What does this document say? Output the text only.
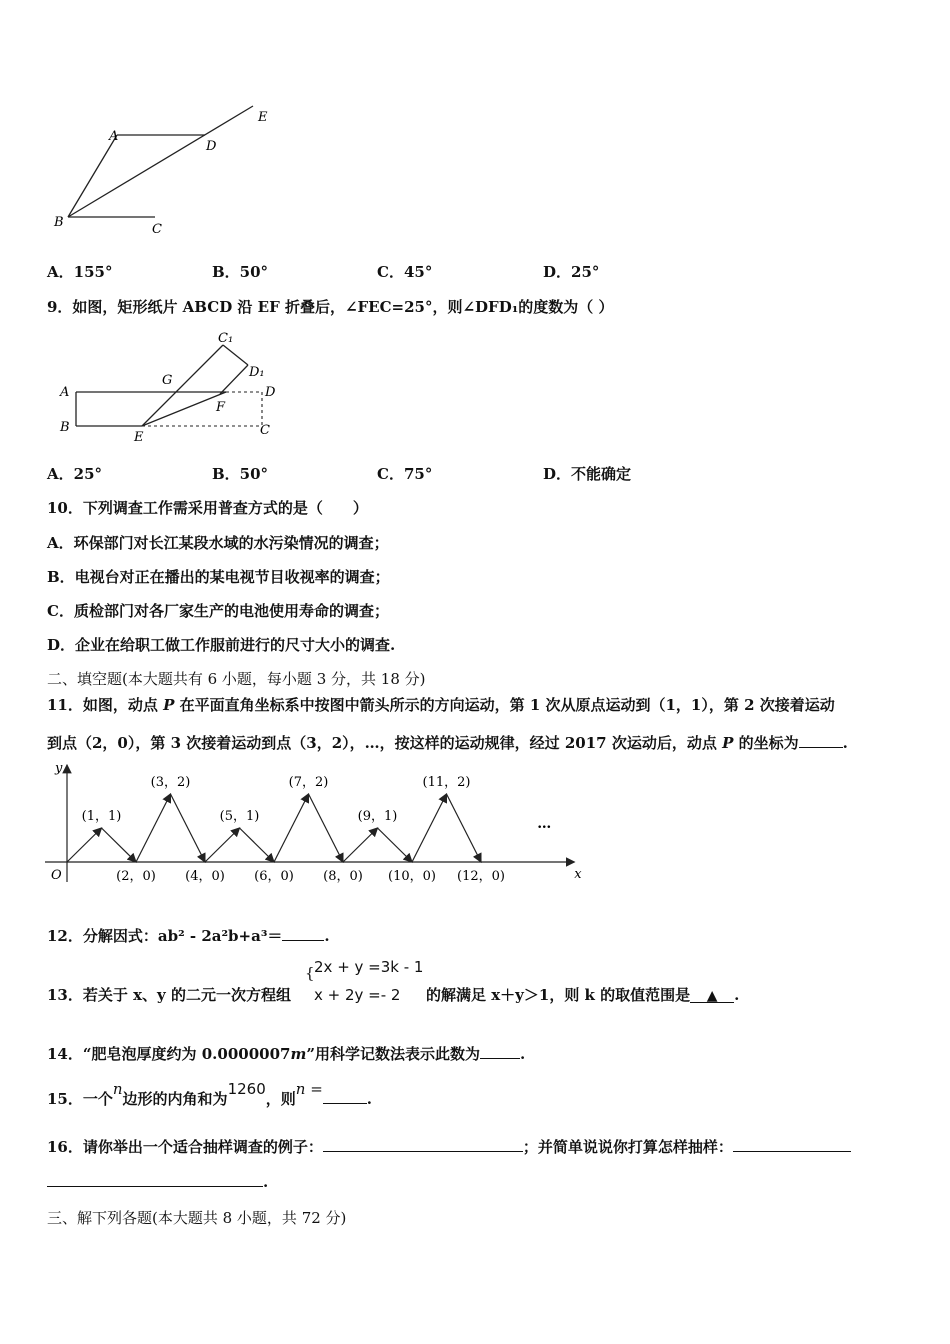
A
B	C
D
E
A．155°	B．50°	C．45°	D．25°
9．如图，矩形纸片 ABCD 沿 EF 折叠后，∠FEC=25°，则∠DFD₁的度数为（ ）
A
B	C
D
E
F
G
C₁
D₁
A．25°	B．50°	C．75°	D．不能确定
10．下列调查工作需采用普查方式的是（　　）
A．环保部门对长江某段水域的水污染情况的调查；
B．电视台对正在播出的某电视节目收视率的调查；
C．质检部门对各厂家生产的电池使用寿命的调查；
D．企业在给职工做工作服前进行的尺寸大小的调查.
二、填空题(本大题共有 6 小题，每小题 3 分，共 18 分)
11．如图，动点 P 在平面直角坐标系中按图中箭头所示的方向运动，第 1 次从原点运动到（1，1），第 2 次接着运动
到点（2，0），第 3 次接着运动到点（3，2），…，按这样的运动规律，经过 2017 次运动后，动点 P 的坐标为	.
x
y
O
(1，1)
(2，0)
(3，2)
(4，0)
(5，1)
(6，0)
(7，2)
(8，0)
(9，1)
(10，0)
(11，2)
(12，0)
…
12．分解因式：ab² - 2a²b+a³＝	.
13．若关于 x、y 的二元一次方程组
{ 2x + y =3k - 1
x + 2y =- 2 的解满足 x＋y＞1，则 k 的取值范围是 ▲ .
14．“肥皂泡厚度约为 0.0000007m”用科学记数法表示此数为	.
15．一个n边形的内角和为1260，则n =.
16．请你举出一个适合抽样调查的例子：	；并简单说说你打算怎样抽样：
.
三、解下列各题(本大题共 8 小题，共 72 分)
